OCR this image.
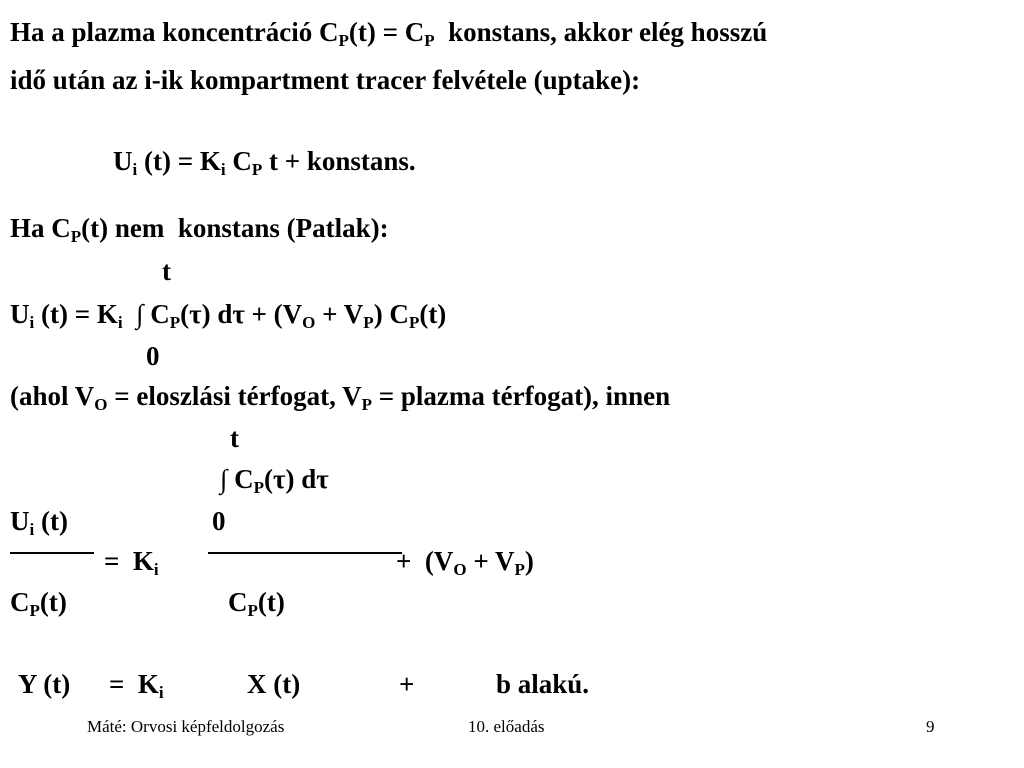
Ha a plazma koncentráció $C_P(t) = C_P$  konstans, akkor elég hosszú
idő után az i-ik kompartment tracer felvétele (uptake):
$U_i$ $(t) = K_i$ $C_P$ t + konstans.
Ha $C_P(t)$ nem  konstans (Patlak):
t
$U_i$ $(t) = K_i$  ∫ $C_P(\tau) d\tau + (V_O + V_P)$ $C_P(t)$
0
(ahol $V_O$ = eloszlási térfogat, $V_P$ = plazma térfogat), innen
t
∫ $C_P(\tau)$ dτ
$U_i$ (t)	0
=  $K_i$	+  $(V_O + V_P)$
$C_P(t)$	$C_P(t)$
Y $(t) = K_i$	X (t)	+	b alakú.
Máté: Orvosi képfeldolgozás	10. előadás	9
